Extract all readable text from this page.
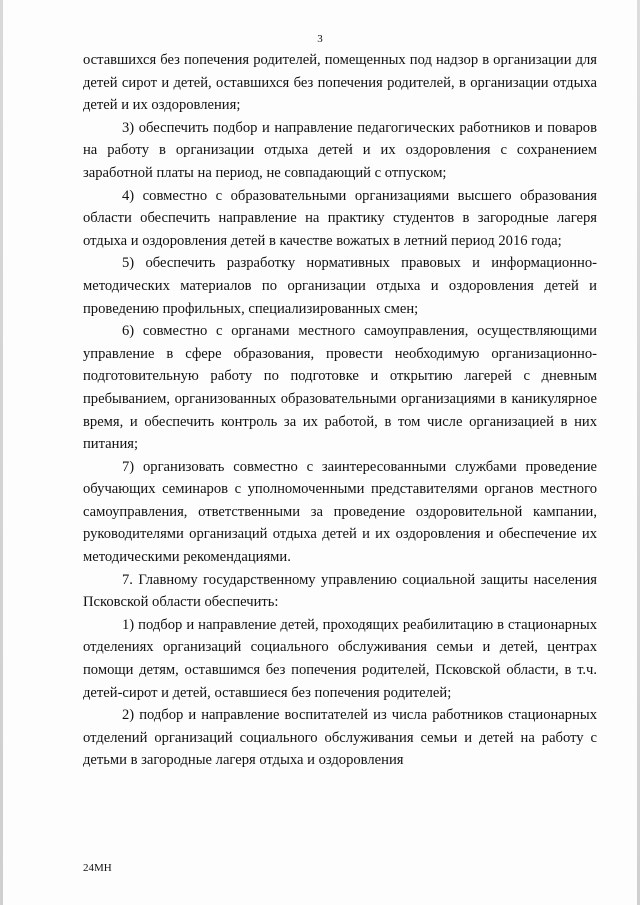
3

оставшихся без попечения родителей, помещенных под надзор в организации для детей сирот и детей, оставшихся без попечения родителей, в организации отдыха детей и их оздоровления;

3) обеспечить подбор и направление педагогических работников и поваров на работу в организации отдыха детей и их оздоровления с сохранением заработной платы на период, не совпадающий с отпуском;

4) совместно с образовательными организациями высшего образования области обеспечить направление на практику студентов в загородные лагеря отдыха и оздоровления детей в качестве вожатых в летний период 2016 года;

5) обеспечить разработку нормативных правовых и информационно-методических материалов по организации отдыха и оздоровления детей и проведению профильных, специализированных смен;

6) совместно с органами местного самоуправления, осуществляющими управление в сфере образования, провести необходимую организационно-подготовительную работу по подготовке и открытию лагерей с дневным пребыванием, организованных образовательными организациями в каникулярное время, и обеспечить контроль за их работой, в том числе организацией в них питания;

7) организовать совместно с заинтересованными службами проведение обучающих семинаров с уполномоченными представителями органов местного самоуправления, ответственными за проведение оздоровительной кампании, руководителями организаций отдыха детей и их оздоровления и обеспечение их методическими рекомендациями.

7. Главному государственному управлению социальной защиты населения Псковской области обеспечить:

1) подбор и направление детей, проходящих реабилитацию в стационарных отделениях организаций социального обслуживания семьи и детей, центрах помощи детям, оставшимся без попечения родителей, Псковской области, в т.ч. детей-сирот и детей, оставшиеся без попечения родителей;

2) подбор и направление воспитателей из числа работников стационарных отделений организаций социального обслуживания семьи и детей на работу с детьми в загородные лагеря отдыха и оздоровления

24МН
